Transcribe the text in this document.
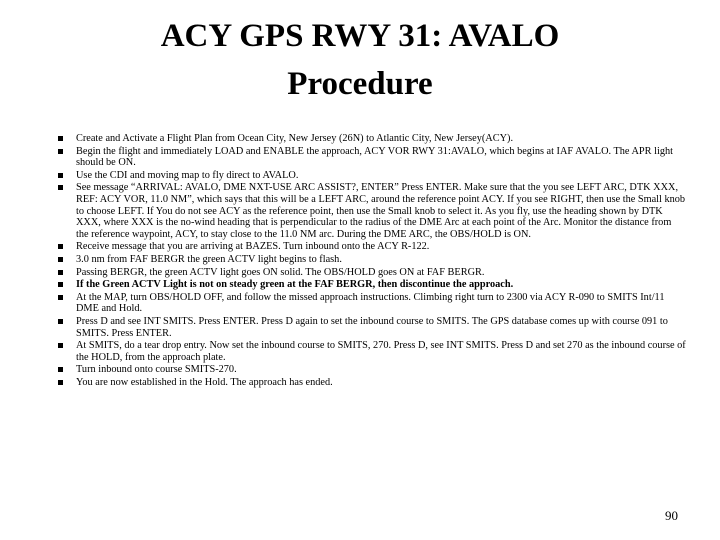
ACY GPS RWY 31: AVALO
Procedure
Create and Activate a Flight Plan from Ocean City, New Jersey (26N) to Atlantic City, New Jersey(ACY).
Begin the flight and immediately LOAD and ENABLE the approach, ACY VOR RWY 31:AVALO, which begins at IAF AVALO. The APR light should be ON.
Use the CDI and moving map to fly direct to AVALO.
See message “ARRIVAL: AVALO, DME NXT-USE ARC ASSIST?, ENTER” Press ENTER. Make sure that the you see LEFT ARC, DTK XXX, REF: ACY VOR, 11.0 NM”, which says that this will be a LEFT ARC, around the reference point ACY. If you see RIGHT, then use the Small knob to choose LEFT. If You do not see ACY as the reference point, then use the Small knob to select it. As you fly, use the heading shown by DTK XXX, where XXX is the no-wind heading that is perpendicular to the radius of the DME Arc at each point of the Arc. Monitor the distance from the reference waypoint, ACY, to stay close to the 11.0 NM arc. During the DME ARC, the OBS/HOLD is ON.
Receive message that you are arriving at BAZES. Turn inbound onto the ACY R-122.
3.0 nm from FAF BERGR the green ACTV light begins to flash.
Passing BERGR, the green ACTV light goes ON solid. The OBS/HOLD goes ON at FAF BERGR.
If the Green ACTV Light is not on steady green at the FAF BERGR, then discontinue the approach.
At the MAP, turn OBS/HOLD OFF, and follow the missed approach instructions. Climbing right turn to 2300 via ACY R-090 to SMITS Int/11 DME and Hold.
Press D and see INT SMITS. Press ENTER. Press D again to set the inbound course to SMITS. The GPS database comes up with course 091 to SMITS. Press ENTER.
At SMITS, do a tear drop entry. Now set the inbound course to SMITS, 270. Press D, see INT SMITS. Press D and set 270 as the inbound course of the HOLD, from the approach plate.
Turn inbound onto course SMITS-270.
You are now established in the Hold. The approach has ended.
90
